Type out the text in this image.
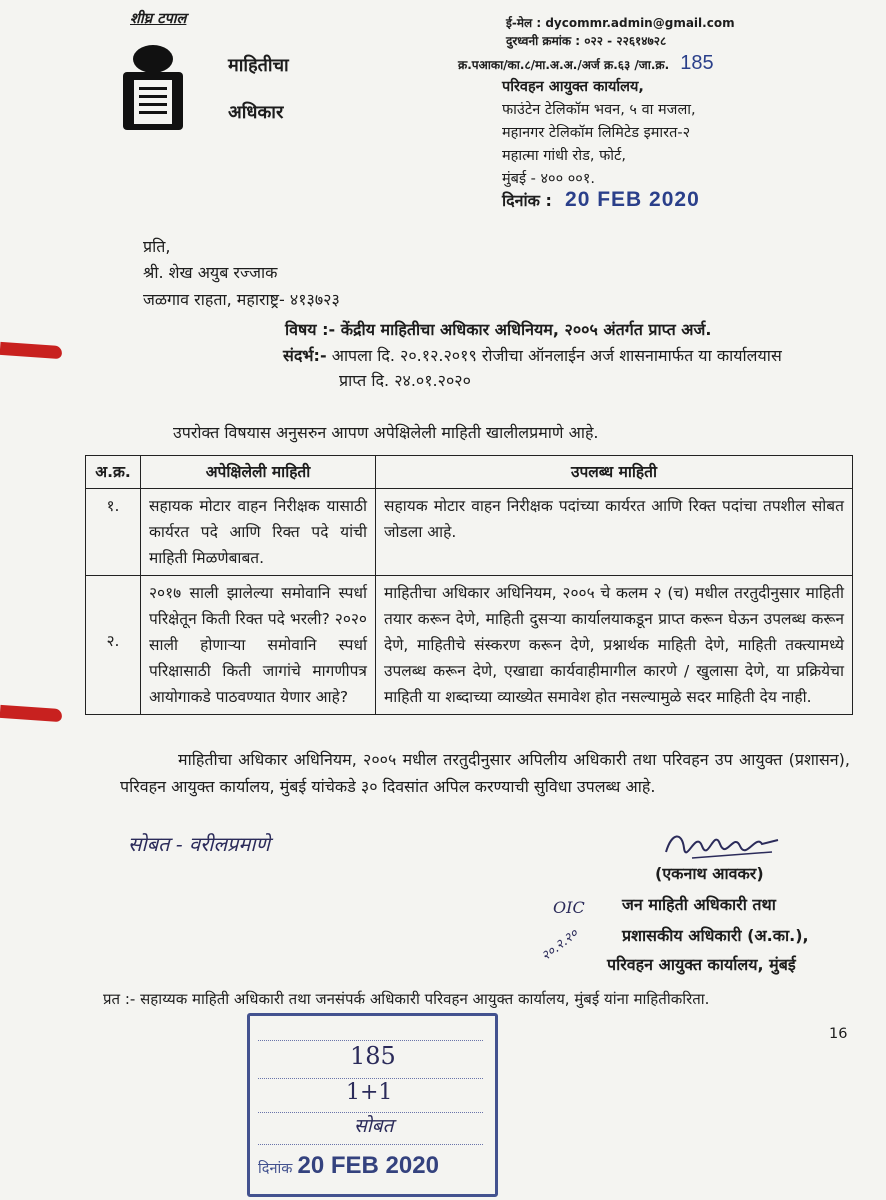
शीघ्र टपाल
माहितीचा
अधिकार
ई-मेल : dycommr.admin@gmail.com
दुरध्वनी क्रमांक : ०२२ - २२६१४७२८
क्र.पआका/का.८/मा.अ.अ./अर्ज क्र.६३ /जा.क्र. 185
परिवहन आयुक्त कार्यालय,
फाउंटेन टेलिकॉम भवन, ५ वा मजला,
महानगर टेलिकॉम लिमिटेड इमारत-२
महात्मा गांधी रोड, फोर्ट,
मुंबई - ४०० ००१.
दिनांक : 20 FEB 2020
प्रति,
श्री. शेख अयुब रज्जाक
जळगाव राहता, महाराष्ट्र- ४१३७२३
विषय :- केंद्रीय माहितीचा अधिकार अधिनियम, २००५ अंतर्गत प्राप्त अर्ज.
संदर्भ:- आपला दि. २०.१२.२०१९ रोजीचा ऑनलाईन अर्ज शासनामार्फत या कार्यालयास
प्राप्त दि. २४.०१.२०२०
उपरोक्त विषयास अनुसरुन आपण अपेक्षिलेली माहिती खालीलप्रमाणे आहे.
अ.क्र.	अपेक्षिलेली माहिती	उपलब्ध माहिती
१.	सहायक मोटार वाहन निरीक्षक यासाठी कार्यरत पदे आणि रिक्त पदे यांची माहिती मिळणेबाबत.	सहायक मोटार वाहन निरीक्षक पदांच्या कार्यरत आणि रिक्त पदांचा तपशील सोबत जोडला आहे.
२.	२०१७ साली झालेल्या समोवानि स्पर्धा परिक्षेतून किती रिक्त पदे भरली? २०२० साली होणाऱ्या समोवानि स्पर्धा परिक्षासाठी किती जागांचे मागणीपत्र आयोगाकडे पाठवण्यात येणार आहे?	माहितीचा अधिकार अधिनियम, २००५ चे कलम २ (च) मधील तरतुदीनुसार माहिती तयार करून देणे, माहिती दुसऱ्या कार्यालयाकडून प्राप्त करून घेऊन उपलब्ध करून देणे, माहितीचे संस्करण करून देणे, प्रश्नार्थक माहिती देणे, माहिती तक्त्यामध्ये उपलब्ध करून देणे, एखाद्या कार्यवाहीमागील कारणे / खुलासा देणे, या प्रक्रियेचा माहिती या शब्दाच्या व्याख्येत समावेश होत नसल्यामुळे सदर माहिती देय नाही.
माहितीचा अधिकार अधिनियम, २००५ मधील तरतुदीनुसार अपिलीय अधिकारी तथा परिवहन उप आयुक्त (प्रशासन), परिवहन आयुक्त कार्यालय, मुंबई यांचेकडे ३० दिवसांत अपिल करण्याची सुविधा उपलब्ध आहे.
सोबत - वरीलप्रमाणे
(एकनाथ आवकर)
जन माहिती अधिकारी तथा
प्रशासकीय अधिकारी (अ.का.),
परिवहन आयुक्त कार्यालय, मुंबई
OIC
२०.२.२०
प्रत :- सहाय्यक माहिती अधिकारी तथा जनसंपर्क अधिकारी परिवहन आयुक्त कार्यालय, मुंबई यांना माहितीकरिता.
16
185
1+1
सोबत
दिनांक 20 FEB 2020
